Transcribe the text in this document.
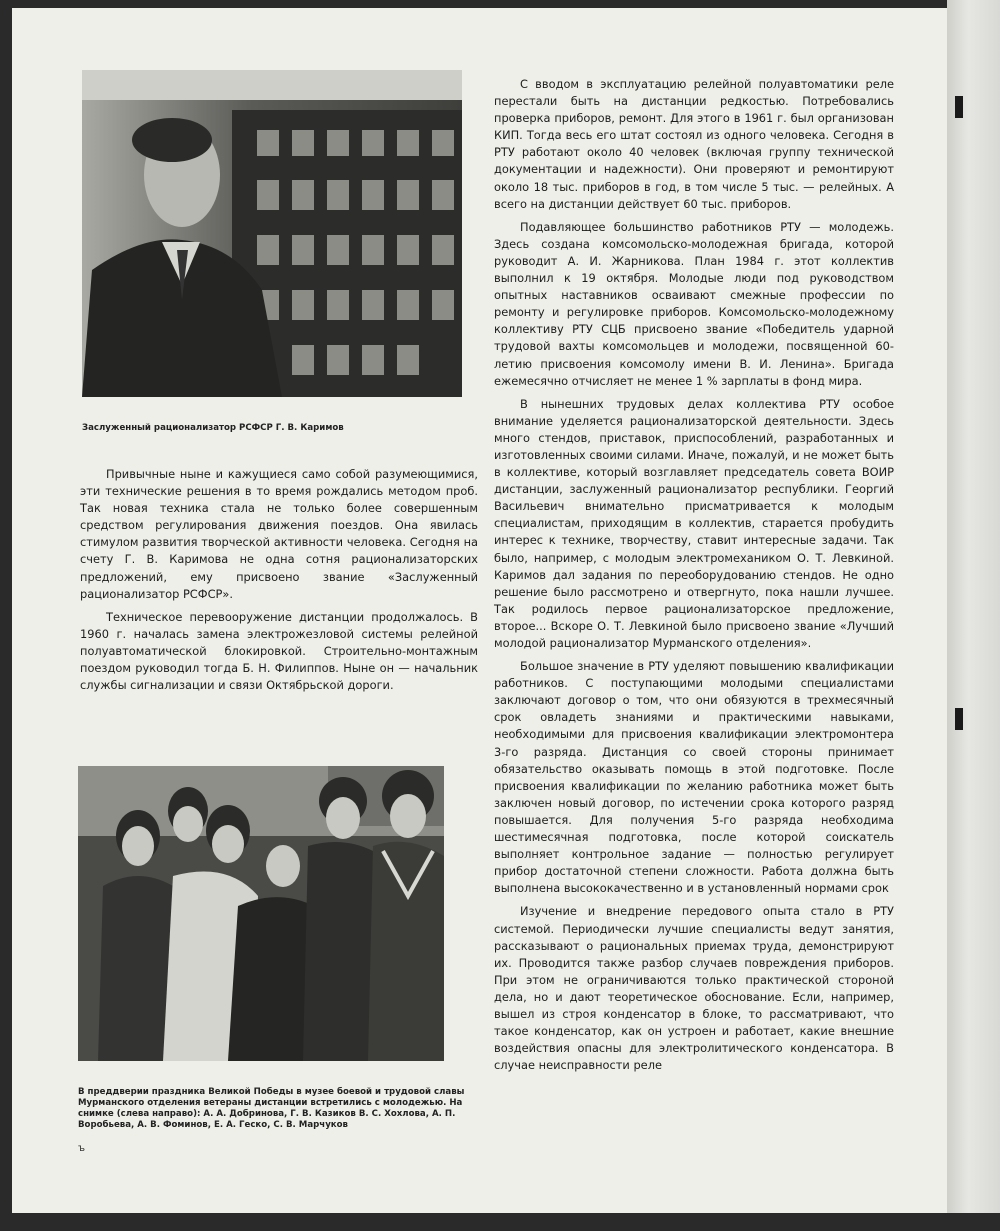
Заслуженный рационализатор РСФСР Г. В. Каримов

Привычные ныне и кажущиеся само собой разумеющимися, эти технические решения в то время рождались методом проб. Так новая техника стала не только более совершенным средством регулирования движения поездов. Она явилась стимулом развития творческой активности человека. Сегодня на счету Г. В. Каримова не одна сотня рационализаторских предложений, ему присвоено звание «Заслуженный рационализатор РСФСР».

Техническое перевооружение дистанции продолжалось. В 1960 г. началась замена электрожезловой системы релейной полуавтоматической блокировкой. Строительно-монтажным поездом руководил тогда Б. Н. Филиппов. Ныне он — начальник службы сигнализации и связи Октябрьской дороги.

В преддверии праздника Великой Победы в музее боевой и трудовой славы Мурманского отделения ветераны дистанции встретились с молодежью. На снимке (слева направо): А. А. Добринова, Г. В. Казиков В. С. Хохлова, А. П. Воробьева, А. В. Фоминов, Е. А. Геско, С. В. Марчуков
ъ

С вводом в эксплуатацию релейной полуавтоматики реле перестали быть на дистанции редкостью. Потребовались проверка приборов, ремонт. Для этого в 1961 г. был организован КИП. Тогда весь его штат состоял из одного человека. Сегодня в РТУ работают около 40 человек (включая группу технической документации и надежности). Они проверяют и ремонтируют около 18 тыс. приборов в год, в том числе 5 тыс. — релейных. А всего на дистанции действует 60 тыс. приборов.

Подавляющее большинство работников РТУ — молодежь. Здесь создана комсомольско-молодежная бригада, которой руководит А. И. Жарникова. План 1984 г. этот коллектив выполнил к 19 октября. Молодые люди под руководством опытных наставников осваивают смежные профессии по ремонту и регулировке приборов. Комсомольско-молодежному коллективу РТУ СЦБ присвоено звание «Победитель ударной трудовой вахты комсомольцев и молодежи, посвященной 60-летию присвоения комсомолу имени В. И. Ленина». Бригада ежемесячно отчисляет не менее 1 % зарплаты в фонд мира.

В нынешних трудовых делах коллектива РТУ особое внимание уделяется рационализаторской деятельности. Здесь много стендов, приставок, приспособлений, разработанных и изготовленных своими силами. Иначе, пожалуй, и не может быть в коллективе, который возглавляет председатель совета ВОИР дистанции, заслуженный рационализатор республики. Георгий Васильевич внимательно присматривается к молодым специалистам, приходящим в коллектив, старается пробудить интерес к технике, творчеству, ставит интересные задачи. Так было, например, с молодым электромехаником О. Т. Левкиной. Каримов дал задания по переоборудованию стендов. Не одно решение было рассмотрено и отвергнуто, пока нашли лучшее. Так родилось первое рационализаторское предложение, второе... Вскоре О. Т. Левкиной было присвоено звание «Лучший молодой рационализатор Мурманского отделения».

Большое значение в РТУ уделяют повышению квалификации работников. С поступающими молодыми специалистами заключают договор о том, что они обязуются в трехмесячный срок овладеть знаниями и практическими навыками, необходимыми для присвоения квалификации электромонтера 3-го разряда. Дистанция со своей стороны принимает обязательство оказывать помощь в этой подготовке. После присвоения квалификации по желанию работника может быть заключен новый договор, по истечении срока которого разряд повышается. Для получения 5-го разряда необходима шестимесячная подготовка, после которой соискатель выполняет контрольное задание — полностью регулирует прибор достаточной степени сложности. Работа должна быть выполнена высококачественно и в установленный нормами срок

Изучение и внедрение передового опыта стало в РТУ системой. Периодически лучшие специалисты ведут занятия, рассказывают о рациональных приемах труда, демонстрируют их. Проводится также разбор случаев повреждения приборов. При этом не ограничиваются только практической стороной дела, но и дают теоретическое обоснование. Если, например, вышел из строя конденсатор в блоке, то рассматривают, что такое конденсатор, как он устроен и работает, какие внешние воздействия опасны для электролитического конденсатора. В случае неисправности реле
